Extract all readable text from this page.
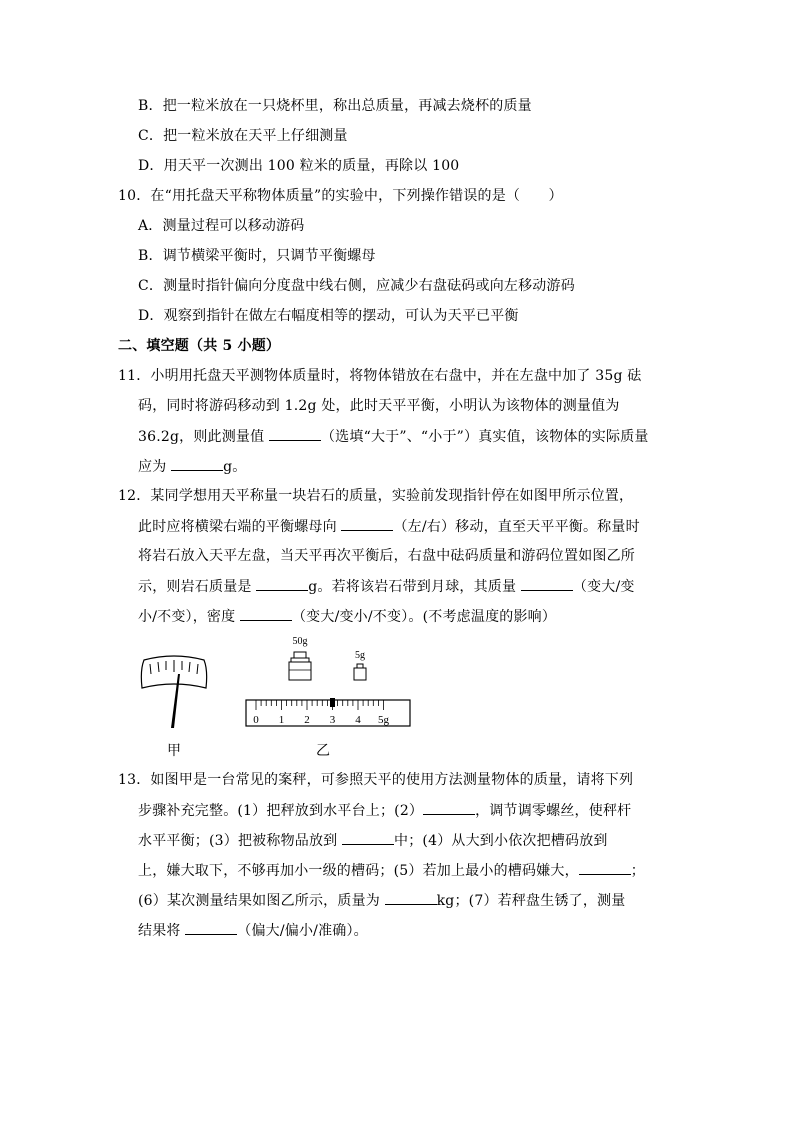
B．把一粒米放在一只烧杯里，称出总质量，再减去烧杯的质量
C．把一粒米放在天平上仔细测量
D．用天平一次测出 100 粒米的质量，再除以 100
10．在“用托盘天平称物体质量”的实验中，下列操作错误的是（　　）
A．测量过程可以移动游码
B．调节横梁平衡时，只调节平衡螺母
C．测量时指针偏向分度盘中线右侧，应减少右盘砝码或向左移动游码
D．观察到指针在做左右幅度相等的摆动，可认为天平已平衡
二、填空题（共 5 小题）
11．小明用托盘天平测物体质量时，将物体错放在右盘中，并在左盘中加了 35g 砝
码，同时将游码移动到 1.2g 处，此时天平平衡，小明认为该物体的测量值为
36.2g，则此测量值	（选填“大于”、“小于”）真实值，该物体的实际质量
应为	g。
12．某同学想用天平称量一块岩石的质量，实验前发现指针停在如图甲所示位置，
此时应将横梁右端的平衡螺母向	（左/右）移动，直至天平平衡。称量时
将岩石放入天平左盘，当天平再次平衡后，右盘中砝码质量和游码位置如图乙所
示，则岩石质量是	g。若将该岩石带到月球，其质量	（变大/变
小/不变），密度	（变大/变小/不变）。(不考虑温度的影响）
甲
50g
5g
0 1 2 3 4 5g
乙
13．如图甲是一台常见的案秤，可参照天平的使用方法测量物体的质量，请将下列
步骤补充完整。(1）把秤放到水平台上；(2）	，调节调零螺丝，使秤杆
水平平衡；(3）把被称物品放到	中；(4）从大到小依次把槽码放到
上，嫌大取下，不够再加小一级的槽码；(5）若加上最小的槽码嫌大，	；
(6）某次测量结果如图乙所示，质量为	kg；(7）若秤盘生锈了，测量
结果将	（偏大/偏小/准确）。
